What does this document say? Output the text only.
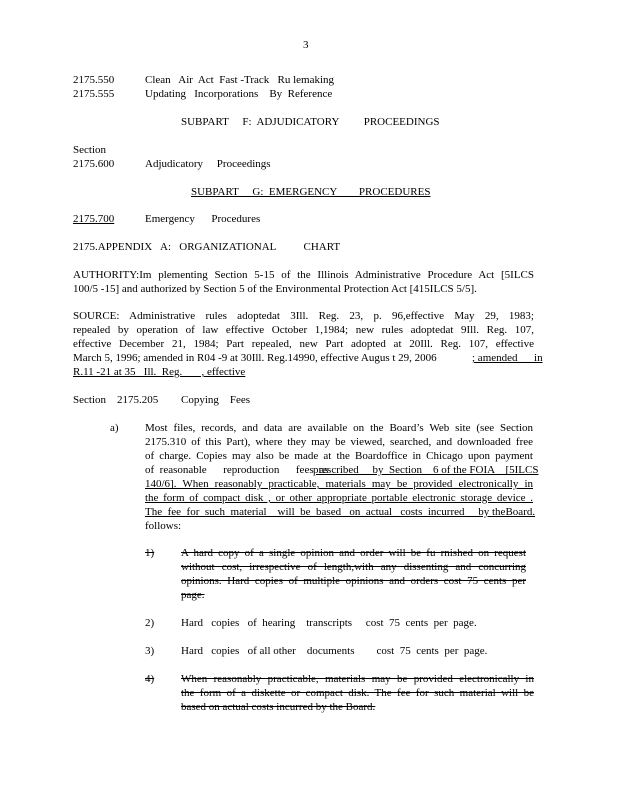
3
2175.550	Clean   Air  Act  Fast -Track   Ru lemaking
2175.555	Updating   Incorporations    By  Reference
SUBPART     F:  ADJUDICATORY         PROCEEDINGS
Section
2175.600	Adjudicatory     Proceedings
SUBPART     G:  EMERGENCY        PROCEDURES
2175.700	Emergency      Procedures
2175.APPENDIX A:   ORGANIZATIONAL          CHART
AUTHORITY:Im plementing Section 5-15 of the Illinois Administrative Procedure Act [5ILCS
100/5 -15] and authorized by Section 5 of the Environmental Protection Act [415ILCS 5/5].
SOURCE: Administrative rules adoptedat 3Ill. Reg. 23, p. 96,effective May 29, 1983;
repealed by operation of law effective October 1,1984; new rules adoptedat 9Ill. Reg. 107,
effective December 21, 1984; Part repealed, new Part adopted at 20Ill. Reg. 107, effective
March 5, 1996; amended in R04 -9 at 30Ill. Reg.14990, effective Augus t 29, 2006	; amended      in
R.11 -21 at 35   Ill.  Reg.       , effective
Section    2175.205 Copying    Fees
a) Most files, records, and data are available on the Board’s Web site (see Section
2175.310 of this Part), where they may be viewed, searched, and downloaded free
of charge. Copies may also be made at the Boardoffice in Chicago upon payment
of  reasonable      reproduction      fees  as
prescribed     by  Section    6 of the FOIA    [5ILCS
140/6]. When reasonably practicable, materials may be provided electronically in
the form of compact disk , or other appropriate portable electronic storage device .
The  fee  for  such  material    will  be  based   on  actual   costs  incurred     by theBoard.
follows:
1) A hard copy of a single opinion and order will be fu rnished on request
without cost, irrespective of length,with any dissenting and concurring
opinions. Hard copies of multiple opinions and orders cost 75 cents per
page.
2) Hard   copies   of  hearing    transcripts     cost  75  cents  per  page.
3) Hard   copies   of all other    documents        cost  75  cents  per  page.
4) When reasonably practicable, materials may be provided electronically in
the form of a diskette or compact disk. The fee for such material will be
based on actual costs incurred by the Board.
